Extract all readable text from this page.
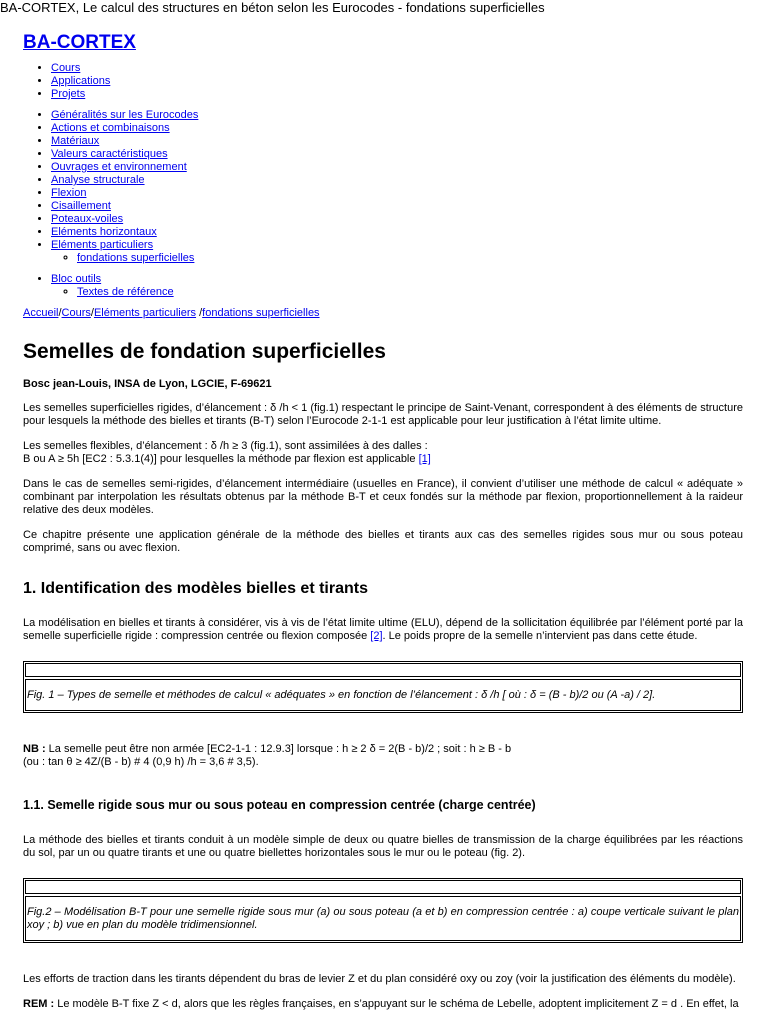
BA-CORTEX, Le calcul des structures en béton selon les Eurocodes - fondations superficielles
BA-CORTEX
• Cours
• Applications
• Projets
• Généralités sur les Eurocodes
• Actions et combinaisons
• Matériaux
• Valeurs caractéristiques
• Ouvrages et environnement
• Analyse structurale
• Flexion
• Cisaillement
• Poteaux-voiles
• Eléments horizontaux
• Eléments particuliers
◦ fondations superficielles
• Bloc outils
◦ Textes de référence
Accueil/Cours/Eléments particuliers /fondations superficielles
Semelles de fondation superficielles
Bosc jean-Louis, INSA de Lyon, LGCIE, F-69621

Les semelles superficielles rigides, d’élancement : δ /h < 1 (fig.1) respectant le principe de Saint-Venant, correspondent à des éléments de structure pour lesquels la méthode des bielles et tirants (B-T) selon l’Eurocode 2-1-1 est applicable pour leur justification à l’état limite ultime.

Les semelles flexibles, d’élancement : δ /h ≥ 3 (fig.1), sont assimilées à des dalles :
B ou A ≥ 5h [EC2 : 5.3.1(4)] pour lesquelles la méthode par flexion est applicable [1]

Dans le cas de semelles semi-rigides, d’élancement intermédiaire (usuelles en France), il convient d’utiliser une méthode de calcul « adéquate » combinant par interpolation les résultats obtenus par la méthode B-T et ceux fondés sur la méthode par flexion, proportionnellement à la raideur relative des deux modèles.

Ce chapitre présente une application générale de la méthode des bielles et tirants aux cas des semelles rigides sous mur ou sous poteau comprimé, sans ou avec flexion.

1. Identification des modèles bielles et tirants

La modélisation en bielles et tirants à considérer, vis à vis de l’état limite ultime (ELU), dépend de la sollicitation équilibrée par l’élément porté par la semelle superficielle rigide : compression centrée ou flexion composée [2]. Le poids propre de la semelle n’intervient pas dans cette étude.

Fig. 1 – Types de semelle et méthodes de calcul « adéquates » en fonction de l’élancement : δ /h [ où : δ = (B - b)/2 ou (A -a) / 2].

NB : La semelle peut être non armée [EC2-1-1 : 12.9.3] lorsque : h ≥ 2 δ = 2(B - b)/2 ; soit : h ≥ B - b
(ou : tan θ ≥ 4Z/(B - b) # 4 (0,9 h) /h = 3,6 # 3,5).

1.1. Semelle rigide sous mur ou sous poteau en compression centrée (charge centrée)

La méthode des bielles et tirants conduit à un modèle simple de deux ou quatre bielles de transmission de la charge équilibrées par les réactions du sol, par un ou quatre tirants et une ou quatre biellettes horizontales sous le mur ou le poteau (fig. 2).

Fig.2 – Modélisation B-T pour une semelle rigide sous mur (a) ou sous poteau (a et b) en compression centrée : a) coupe verticale suivant le plan xoy ; b) vue en plan du modèle tridimensionnel.

Les efforts de traction dans les tirants dépendent du bras de levier Z et du plan considéré oxy ou zoy (voir la justification des éléments du modèle).

REM : Le modèle B-T fixe Z < d, alors que les règles françaises, en s’appuyant sur le schéma de Lebelle, adoptent implicitement Z = d . En effet, la
